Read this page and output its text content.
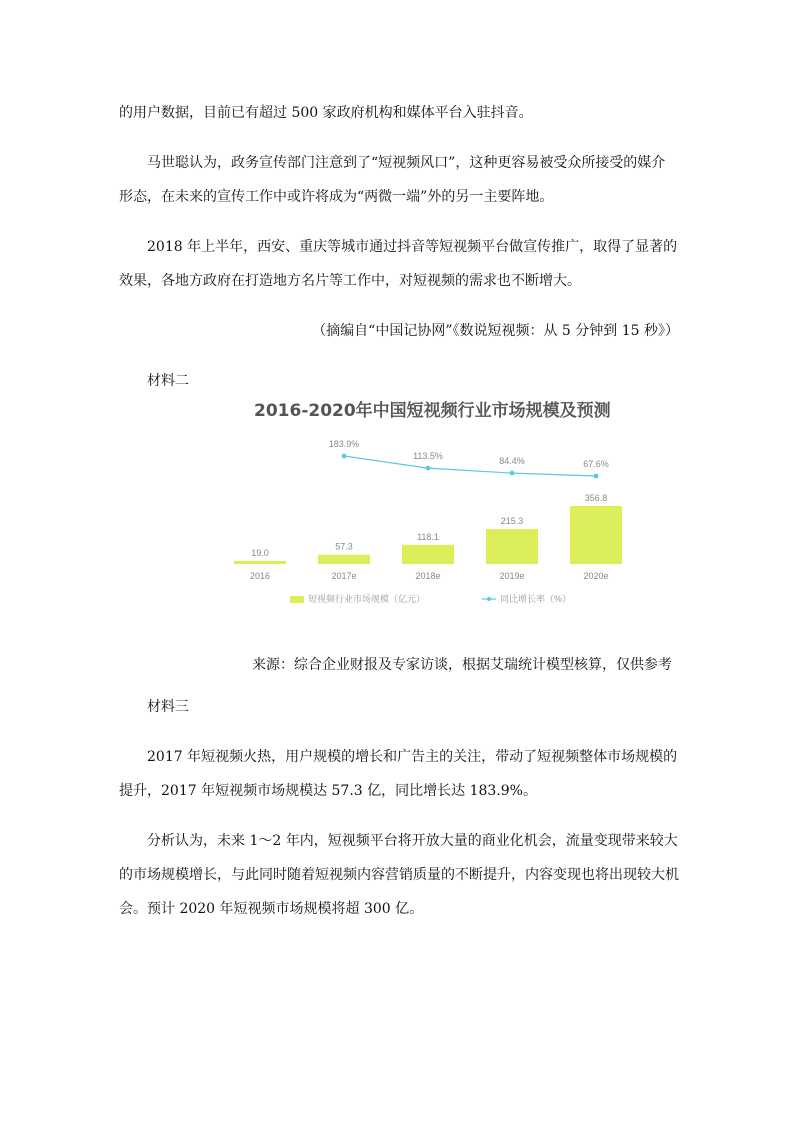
的用户数据，目前已有超过 500 家政府机构和媒体平台入驻抖音。

马世聪认为，政务宣传部门注意到了“短视频风口”，这种更容易被受众所接受的媒介形态，在未来的宣传工作中或许将成为“两微一端”外的另一主要阵地。

2018 年上半年，西安、重庆等城市通过抖音等短视频平台做宣传推广，取得了显著的效果，各地方政府在打造地方名片等工作中，对短视频的需求也不断增大。

（摘编自“中国记协网”《数说短视频：从 5 分钟到 15 秒》）

材料二

2016-2020年中国短视频行业市场规模及预测
19.0
2016
57.3
2017e
118.1
2018e
215.3
2019e
356.8
2020e
183.9%
113.5%
84.4%	67.6%
短视频行业市场规模（亿元）	同比增长率（%）

来源：综合企业财报及专家访谈，根据艾瑞统计模型核算，仅供参考

材料三

2017 年短视频火热，用户规模的增长和广告主的关注，带动了短视频整体市场规模的提升，2017 年短视频市场规模达 57.3 亿，同比增长达 183.9%。

分析认为，未来 1～2 年内，短视频平台将开放大量的商业化机会，流量变现带来较大的市场规模增长，与此同时随着短视频内容营销质量的不断提升，内容变现也将出现较大机会。预计 2020 年短视频市场规模将超 300 亿。
